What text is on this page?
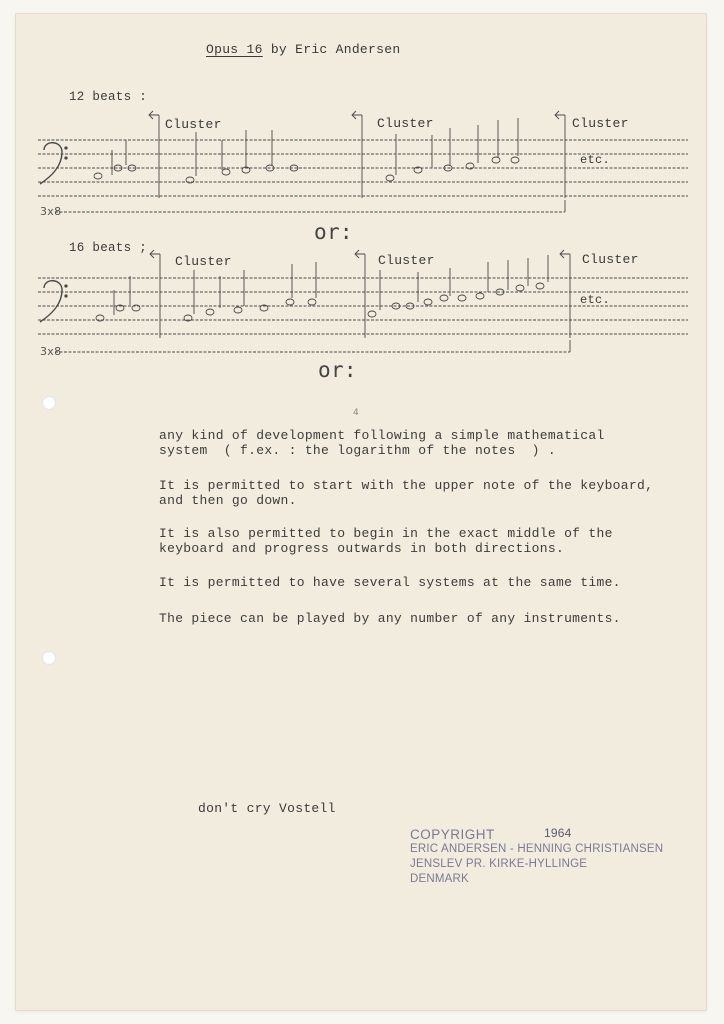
Opus 16 by Eric Andersen
12 beats :
Cluster	Cluster	Cluster
etc.
3x8
or:
16 beats ;
Cluster	Cluster	Cluster
etc.
3x8
or:
4
any kind of development following a simple mathematical
system  ( f.ex. : the logarithm of the notes  ) .
It is permitted to start with the upper note of the keyboard,
and then go down.
It is also permitted to begin in the exact middle of the
keyboard and progress outwards in both directions.
It is permitted to have several systems at the same time.
The piece can be played by any number of any instruments.
don't cry Vostell
COPYRIGHT	1964
ERIC ANDERSEN - HENNING CHRISTIANSEN
JENSLEV PR. KIRKE-HYLLINGE
DENMARK
